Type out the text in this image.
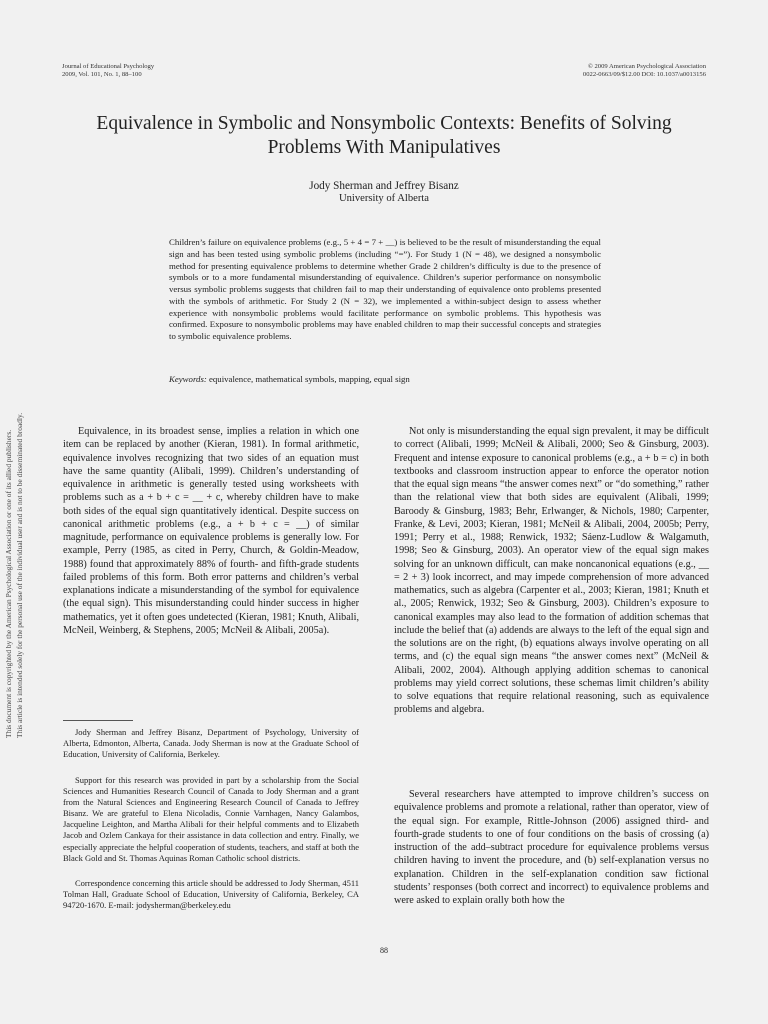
Journal of Educational Psychology
2009, Vol. 101, No. 1, 88–100
© 2009 American Psychological Association
0022-0663/09/$12.00 DOI: 10.1037/a0013156
This document is copyrighted by the American Psychological Association or one of its allied publishers. This article is intended solely for the personal use of the individual user and is not to be disseminated broadly.
Equivalence in Symbolic and Nonsymbolic Contexts: Benefits of Solving Problems With Manipulatives
Jody Sherman and Jeffrey Bisanz
University of Alberta

Children’s failure on equivalence problems (e.g., 5 + 4 = 7 + __) is believed to be the result of misunderstanding the equal sign and has been tested using symbolic problems (including “=”). For Study 1 (N = 48), we designed a nonsymbolic method for presenting equivalence problems to determine whether Grade 2 children’s difficulty is due to the presence of symbols or to a more fundamental misunderstanding of equivalence. Children’s superior performance on nonsymbolic versus symbolic problems suggests that children fail to map their understanding of equivalence onto problems presented with the symbols of arithmetic. For Study 2 (N = 32), we implemented a within-subject design to assess whether experience with nonsymbolic problems would facilitate performance on symbolic problems. This hypothesis was confirmed. Exposure to nonsymbolic problems may have enabled children to map their successful concepts and strategies to symbolic equivalence problems.

Keywords: equivalence, mathematical symbols, mapping, equal sign

Equivalence, in its broadest sense, implies a relation in which one item can be replaced by another (Kieran, 1981). In formal arithmetic, equivalence involves recognizing that two sides of an equation must have the same quantity (Alibali, 1999). Children’s understanding of equivalence in arithmetic is generally tested using worksheets with problems such as a + b + c = __ + c, whereby children have to make both sides of the equal sign quantitatively identical. Despite success on canonical arithmetic problems (e.g., a + b + c = __) of similar magnitude, performance on equivalence problems is generally low. For example, Perry (1985, as cited in Perry, Church, & Goldin-Meadow, 1988) found that approximately 88% of fourth- and fifth-grade students failed problems of this form. Both error patterns and children’s verbal explanations indicate a misunderstanding of the symbol for equivalence (the equal sign). This misunderstanding could hinder success in higher mathematics, yet it often goes undetected (Kieran, 1981; Knuth, Alibali, McNeil, Weinberg, & Stephens, 2005; McNeil & Alibali, 2005a).

Jody Sherman and Jeffrey Bisanz, Department of Psychology, University of Alberta, Edmonton, Alberta, Canada. Jody Sherman is now at the Graduate School of Education, University of California, Berkeley.

Support for this research was provided in part by a scholarship from the Social Sciences and Humanities Research Council of Canada to Jody Sherman and a grant from the Natural Sciences and Engineering Research Council of Canada to Jeffrey Bisanz. We are grateful to Elena Nicoladis, Connie Varnhagen, Nancy Galambos, Jacqueline Leighton, and Martha Alibali for their helpful comments and to Elizabeth Jacob and Ozlem Cankaya for their assistance in data collection and entry. Finally, we especially appreciate the helpful cooperation of students, teachers, and staff at both the Black Gold and St. Thomas Aquinas Roman Catholic school districts.

Correspondence concerning this article should be addressed to Jody Sherman, 4511 Tolman Hall, Graduate School of Education, University of California, Berkeley, CA 94720-1670. E-mail: jodysherman@berkeley.edu

Not only is misunderstanding the equal sign prevalent, it may be difficult to correct (Alibali, 1999; McNeil & Alibali, 2000; Seo & Ginsburg, 2003). Frequent and intense exposure to canonical problems (e.g., a + b = c) in both textbooks and classroom instruction appear to enforce the operator notion that the equal sign means “the answer comes next” or “do something,” rather than the relational view that both sides are equivalent (Alibali, 1999; Baroody & Ginsburg, 1983; Behr, Erlwanger, & Nichols, 1980; Carpenter, Franke, & Levi, 2003; Kieran, 1981; McNeil & Alibali, 2004, 2005b; Perry, 1991; Perry et al., 1988; Renwick, 1932; Sáenz-Ludlow & Walgamuth, 1998; Seo & Ginsburg, 2003). An operator view of the equal sign makes solving for an unknown difficult, can make noncanonical equations (e.g., __ = 2 + 3) look incorrect, and may impede comprehension of more advanced mathematics, such as algebra (Carpenter et al., 2003; Kieran, 1981; Knuth et al., 2005; Renwick, 1932; Seo & Ginsburg, 2003). Children’s exposure to canonical examples may also lead to the formation of addition schemas that include the belief that (a) addends are always to the left of the equal sign and the solutions are on the right, (b) equations always involve operating on all terms, and (c) the equal sign means “the answer comes next” (McNeil & Alibali, 2002, 2004). Although applying addition schemas to canonical problems may yield correct solutions, these schemas limit children’s ability to solve equations that require relational reasoning, such as equivalence problems and algebra.

Several researchers have attempted to improve children’s success on equivalence problems and promote a relational, rather than operator, view of the equal sign. For example, Rittle-Johnson (2006) assigned third- and fourth-grade students to one of four conditions on the basis of crossing (a) instruction of the add–subtract procedure for equivalence problems versus children having to invent the procedure, and (b) self-explanation versus no explanation. Children in the self-explanation condition saw fictional students’ responses (both correct and incorrect) to equivalence problems and were asked to explain orally both how the

88
